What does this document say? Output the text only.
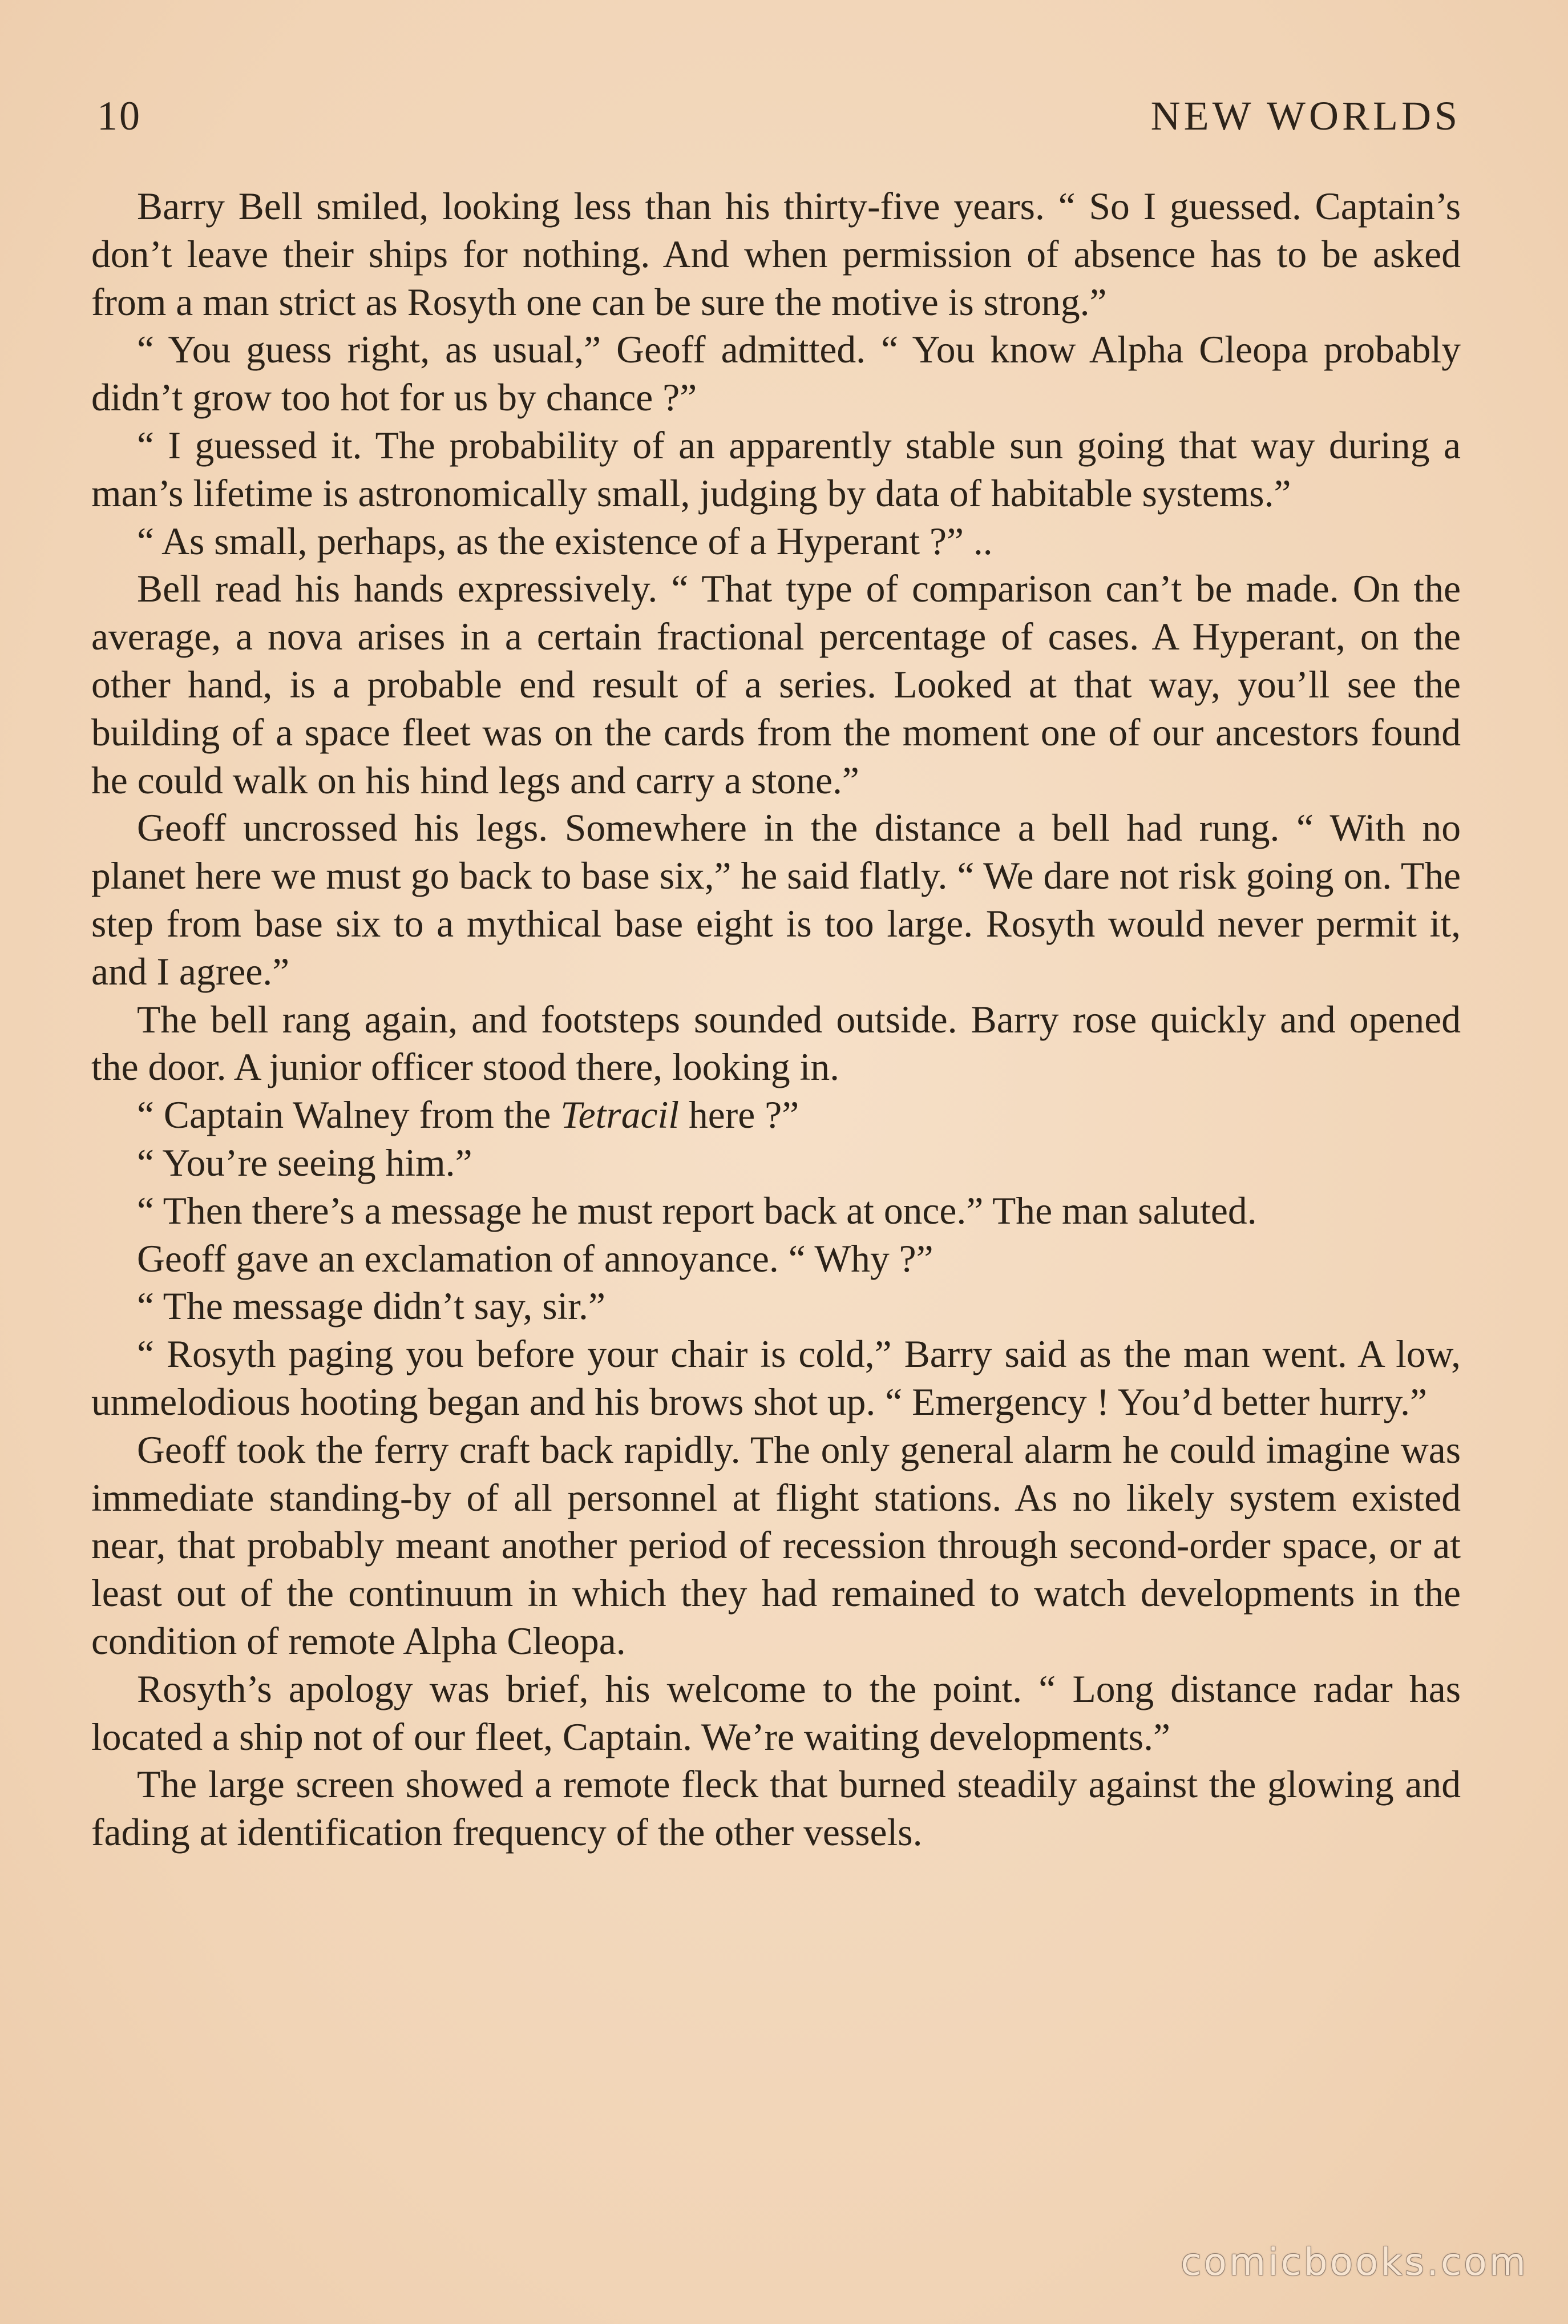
10	NEW WORLDS

Barry Bell smiled, looking less than his thirty-five years. “ So I guessed. Captain’s don’t leave their ships for nothing. And when permission of absence has to be asked from a man strict as Rosyth one can be sure the motive is strong.”

“ You guess right, as usual,” Geoff admitted. “ You know Alpha Cleopa probably didn’t grow too hot for us by chance ?”

“ I guessed it. The probability of an apparently stable sun going that way during a man’s lifetime is astronomically small, judging by data of habitable systems.”

“ As small, perhaps, as the existence of a Hyperant ?” ..

Bell read his hands expressively. “ That type of comparison can’t be made. On the average, a nova arises in a certain fractional percentage of cases. A Hyperant, on the other hand, is a probable end result of a series. Looked at that way, you’ll see the building of a space fleet was on the cards from the moment one of our ancestors found he could walk on his hind legs and carry a stone.”

Geoff uncrossed his legs. Somewhere in the distance a bell had rung. “ With no planet here we must go back to base six,” he said flatly. “ We dare not risk going on. The step from base six to a mythical base eight is too large. Rosyth would never permit it, and I agree.”

The bell rang again, and footsteps sounded outside. Barry rose quickly and opened the door. A junior officer stood there, looking in.

“ Captain Walney from the Tetracil here ?”

“ You’re seeing him.”

“ Then there’s a message he must report back at once.” The man saluted.

Geoff gave an exclamation of annoyance. “ Why ?”

“ The message didn’t say, sir.”

“ Rosyth paging you before your chair is cold,” Barry said as the man went. A low, unmelodious hooting began and his brows shot up. “ Emergency ! You’d better hurry.”

Geoff took the ferry craft back rapidly. The only general alarm he could imagine was immediate standing-by of all personnel at flight stations. As no likely system existed near, that probably meant another period of recession through second-order space, or at least out of the continuum in which they had remained to watch developments in the condition of remote Alpha Cleopa.

Rosyth’s apology was brief, his welcome to the point. “ Long distance radar has located a ship not of our fleet, Captain. We’re waiting developments.”

The large screen showed a remote fleck that burned steadily against the glowing and fading at identification frequency of the other vessels.

comicbooks.com
